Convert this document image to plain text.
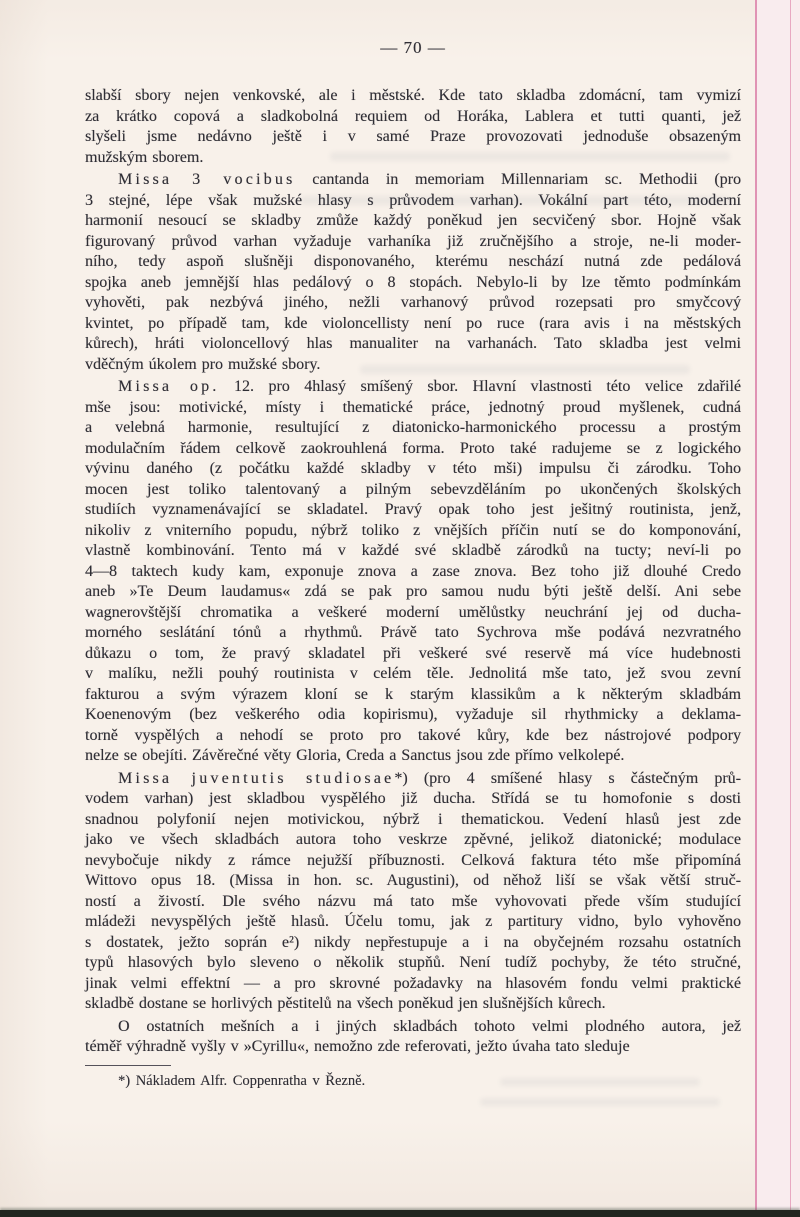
— 70 —
slabší sbory nejen venkovské, ale i městské. Kde tato skladba zdomácní, tam vymizí
za krátko copová a sladkobolná requiem od Horáka, Lablera et tutti quanti, jež
slyšeli jsme nedávno ještě i v samé Praze provozovati jednoduše obsazeným
mužským sborem.
Missa 3 vocibus cantanda in memoriam Millennariam sc. Methodii (pro
3 stejné, lépe však mužské hlasy s průvodem varhan). Vokální part této, moderní
harmonií nesoucí se skladby zmůže každý poněkud jen secvičený sbor. Hojně však
figurovaný průvod varhan vyžaduje varhaníka již zručnějšího a stroje, ne-li moder-
ního, tedy aspoň slušněji disponovaného, kterému neschází nutná zde pedálová
spojka aneb jemnější hlas pedálový o 8 stopách. Nebylo-li by lze těmto podmínkám
vyhověti, pak nezbývá jiného, nežli varhanový průvod rozepsati pro smyčcový
kvintet, po případě tam, kde violoncellisty není po ruce (rara avis i na městských
kůrech), hráti violoncellový hlas manualiter na varhanách. Tato skladba jest velmi
vděčným úkolem pro mužské sbory.
Missa op. 12. pro 4hlasý smíšený sbor. Hlavní vlastnosti této velice zdařilé
mše jsou: motivické, místy i thematické práce, jednotný proud myšlenek, cudná
a velebná harmonie, resultující z diatonicko-harmonického processu a prostým
modulačním řádem celkově zaokrouhlená forma. Proto také radujeme se z logického
vývinu daného (z počátku každé skladby v této mši) impulsu či zárodku. Toho
mocen jest toliko talentovaný a pilným sebevzděláním po ukončených školských
studiích vyznamenávající se skladatel. Pravý opak toho jest ješitný routinista, jenž,
nikoliv z vniterního popudu, nýbrž toliko z vnějších příčin nutí se do komponování,
vlastně kombinování. Tento má v každé své skladbě zárodků na tucty; neví-li po
4—8 taktech kudy kam, exponuje znova a zase znova. Bez toho již dlouhé Credo
aneb »Te Deum laudamus« zdá se pak pro samou nudu býti ještě delší. Ani sebe
wagnerovštější chromatika a veškeré moderní umělůstky neuchrání jej od ducha-
morného seslátání tónů a rhythmů. Právě tato Sychrova mše podává nezvratného
důkazu o tom, že pravý skladatel při veškeré své reservě má více hudebnosti
v malíku, nežli pouhý routinista v celém těle. Jednolitá mše tato, jež svou zevní
fakturou a svým výrazem kloní se k starým klassikům a k některým skladbám
Koenenovým (bez veškerého odia kopirismu), vyžaduje sil rhythmicky a deklama-
torně vyspělých a nehodí se proto pro takové kůry, kde bez nástrojové podpory
nelze se obejíti. Závěrečné věty Gloria, Creda a Sanctus jsou zde přímo velkolepé.
Missa juventutis studiosae*) (pro 4 smíšené hlasy s částečným prů-
vodem varhan) jest skladbou vyspělého již ducha. Střídá se tu homofonie s dosti
snadnou polyfonií nejen motivickou, nýbrž i thematickou. Vedení hlasů jest zde
jako ve všech skladbách autora toho veskrze zpěvné, jelikož diatonické; modulace
nevybočuje nikdy z rámce nejužší příbuznosti. Celková faktura této mše připomíná
Wittovo opus 18. (Missa in hon. sc. Augustini), od něhož liší se však větší struč-
ností a živostí. Dle svého názvu má tato mše vyhovovati přede vším studující
mládeži nevyspělých ještě hlasů. Účelu tomu, jak z partitury vidno, bylo vyhověno
s dostatek, ježto soprán e²) nikdy nepřestupuje a i na obyčejném rozsahu ostatních
typů hlasových bylo sleveno o několik stupňů. Není tudíž pochyby, že této stručné,
jinak velmi effektní — a pro skrovné požadavky na hlasovém fondu velmi praktické
skladbě dostane se horlivých pěstitelů na všech poněkud jen slušnějších kůrech.
O ostatních mešních a i jiných skladbách tohoto velmi plodného autora, jež
téměř výhradně vyšly v »Cyrillu«, nemožno zde referovati, ježto úvaha tato sleduje
*) Nákladem Alfr. Coppenratha v Řezně.
